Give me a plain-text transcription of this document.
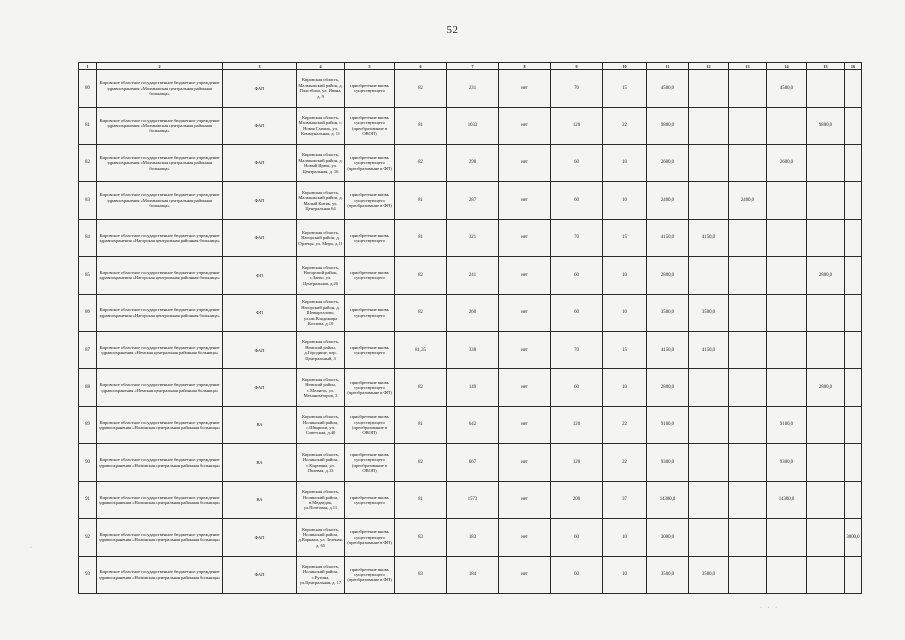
52
1	2	3	4	5	6	7	8	9	10	11	12	13	14	15	16
80	Кировское областное государственное бюджетное учреждение здравоохранения «Малмыжская центральная районная больница»	ФАП	Кировская область, Малмыжский район, д. Пластбиха, ул. Ивана, д. 9	приобретение вновь существующего	82	231	нет	70	15	4500,0			4500,0		
81	Кировское областное государственное бюджетное учреждение здравоохранения «Малмыжская центральная районная больница»	ФАП	Кировская область, Малмыжский район, с. Новая Смаиль, ул. Коммунальная, д. 11	приобретение вновь существующего (преобразование в ОВОП)	81	1033	нет	120	22	9800,0				9800,0	
82	Кировское областное государственное бюджетное учреждение здравоохранения «Малмыжская центральная районная больница»	ФАП	Кировская область, Малмыжский район, д. Новый Ирюк, ул. Центральная, д. 16	приобретение вновь существующего (преобразование в ФП)	82	298	нет	60	10	2600,0			2600,0		
83	Кировское областное государственное бюджетное учреждение здравоохранения «Малмыжская центральная районная больница»	ФАП	Кировская область, Малмыжский район, д. Малый Китяк, ул. Центральная 64	приобретение вновь существующего (преобразование в ФП)	81	287	нет	60	10	2400,0		2400,0			
84	Кировское областное государственное бюджетное учреждение здравоохранения «Нагорская центральная районная больница»	ФАП	Кировская область, Нагорский район, д. Орлецы, ул. Мира, д.11	приобретение вновь существующего	81	321	нет	70	15	4150,0	4150,0				
85	Кировское областное государственное бюджетное учреждение здравоохранения «Нагорская центральная районная больница»	ФП	Кировская область, Нагорский район, с.Заево, ул. Центральная, д.26	приобретение вновь существующего	82	241	нет	60	10	2800,0				2800,0	
86	Кировское областное государственное бюджетное учреждение здравоохранения «Нагорская центральная районная больница»	ФП	Кировская область, Нагорский район, д. Шевырталово, ул.им.Владимира Козлова, д.10	приобретение вновь существующего	82	260	нет	60	10	3500,0	3500,0				
87	Кировское областное государственное бюджетное учреждение здравоохранения «Немская центральная районная больница»	ФАП	Кировская область, Немский район, д.Городище, пер. Центральный, 3	приобретение вновь существующего	81,35	338	нет	70	15	4150,0	4150,0				
88	Кировское областное государственное бюджетное учреждение здравоохранения «Немская центральная районная больница»	ФАП	Кировская область, Немский район, с.Меляеть, ул. Механизаторов, 3	приобретение вновь существующего (преобразование в ФП)	82	149	нет	60	10	2800,0				2800,0	
89	Кировское областное государственное бюджетное учреждение здравоохранения «Нолинская центральная районная больница»	ВА	Кировская область, Нолинский район, с.Шварихи, ул. Советская, д.40	приобретение вновь существующего (преобразование в ОВОП)	81	642	нет	120	22	9100,0			9100,0		
90	Кировское областное государственное бюджетное учреждение здравоохранения «Нолинская центральная районная больница»	ВА	Кировская область, Нолинский район, с.Кырчаны, ул. Полевая, д.13	приобретение вновь существующего (преобразование в ОВОП)	82	667	нет	120	22	9300,0			9300,0		
91	Кировское областное государственное бюджетное учреждение здравоохранения «Нолинская центральная районная больница»	ВА	Кировская область, Нолинский район, п.Медведок, ул.Почтовая, д.11	приобретение вновь существующего	81	1573	нет	200	37	14300,0			14300,0		
92	Кировское областное государственное бюджетное учреждение здравоохранения «Нолинская центральная районная больница»	ФАП	Кировская область, Нолинский район, д.Варнаки, ул. Зеленая, д. 65	приобретение вновь существующего (преобразование в ФП)	83	183	нет	60	10	3000,0					3000,0
93	Кировское областное государственное бюджетное учреждение здравоохранения «Нолинская центральная районная больница»	ФАП	Кировская область, Нолинский район, с.Рутина, ул.Центральная, д. 17	приобретение вновь существующего (преобразование в ФП)	83	184	нет	60	10	3500,0	3500,0				
·
· · ·
